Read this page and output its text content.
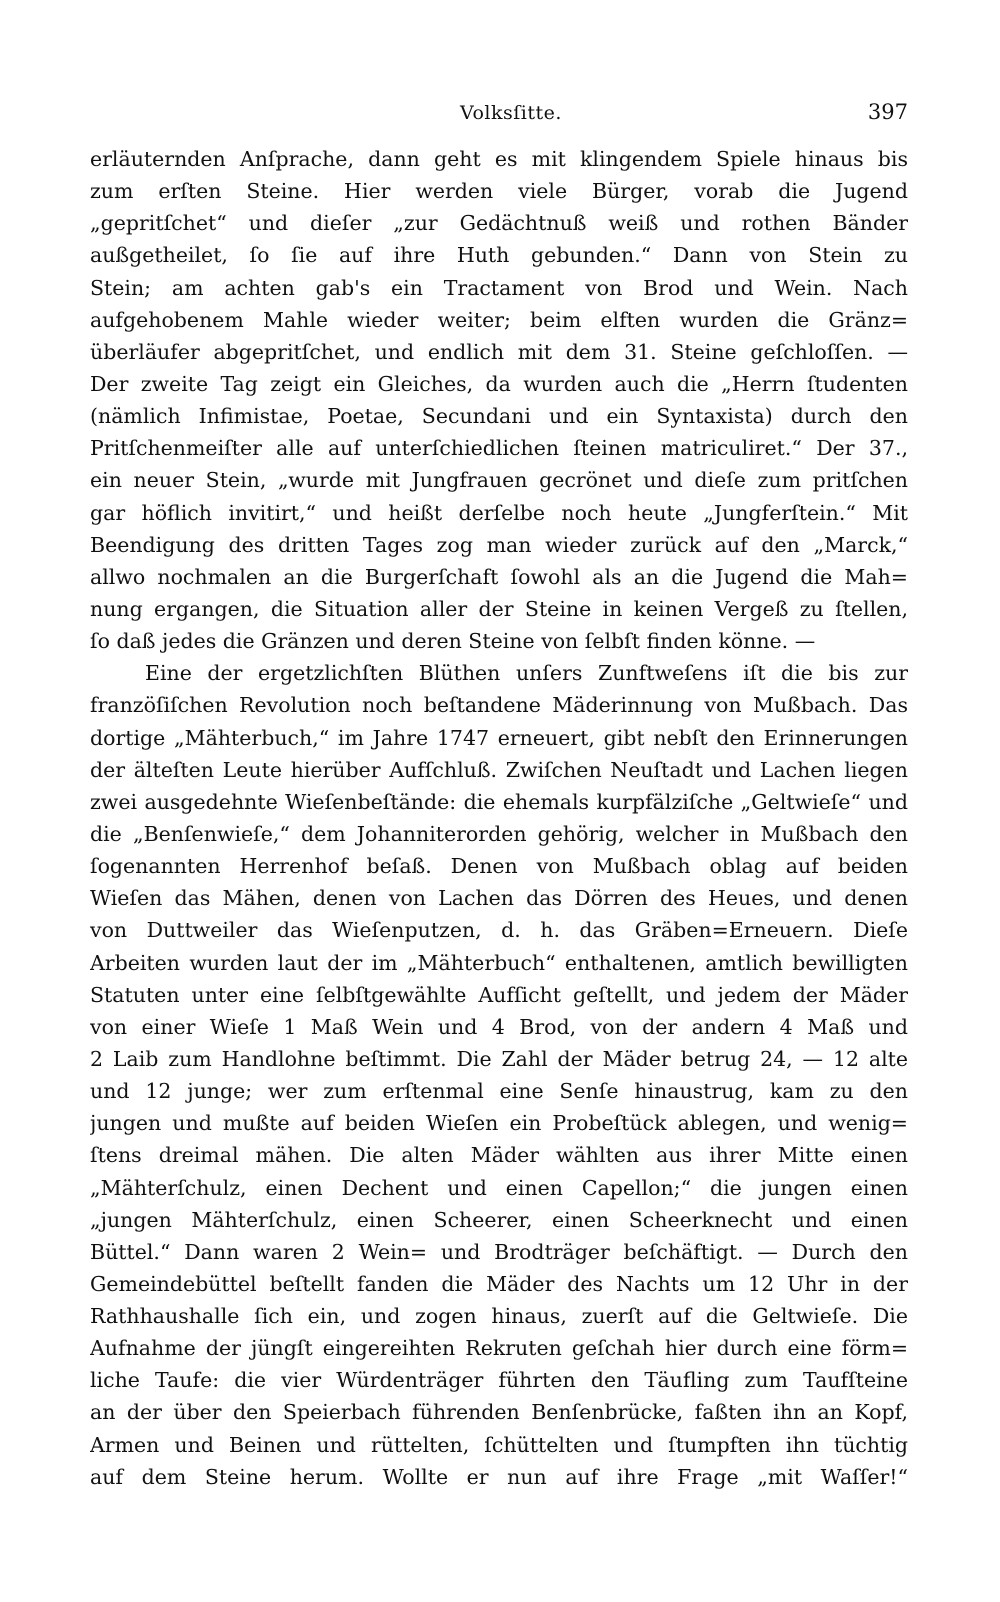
Volksſitte.	397
erläuternden Anſprache, dann geht es mit klingendem Spiele hinaus bis
zum erſten Steine. Hier werden viele Bürger, vorab die Jugend
„gepritſchet“ und dieſer „zur Gedächtnuß weiß und rothen Bänder
außgetheilet, ſo ſie auf ihre Huth gebunden.“ Dann von Stein zu
Stein; am achten gab's ein Tractament von Brod und Wein. Nach
aufgehobenem Mahle wieder weiter; beim elften wurden die Gränz=
überläufer abgepritſchet, und endlich mit dem 31. Steine geſchloſſen. —
Der zweite Tag zeigt ein Gleiches, da wurden auch die „Herrn ſtudenten
(nämlich Infimistae, Poetae, Secundani und ein Syntaxista) durch den
Pritſchenmeiſter alle auf unterſchiedlichen ſteinen matriculiret.“ Der 37.,
ein neuer Stein, „wurde mit Jungfrauen gecrönet und dieſe zum pritſchen
gar höflich invitirt,“ und heißt derſelbe noch heute „Jungferſtein.“ Mit
Beendigung des dritten Tages zog man wieder zurück auf den „Marck,“
allwo nochmalen an die Burgerſchaft ſowohl als an die Jugend die Mah=
nung ergangen, die Situation aller der Steine in keinen Vergeß zu ſtellen,
ſo daß jedes die Gränzen und deren Steine von ſelbſt finden könne. —
Eine der ergetzlichſten Blüthen unſers Zunftweſens iſt die bis zur
franzöſiſchen Revolution noch beſtandene Mäderinnung von Mußbach. Das
dortige „Mähterbuch,“ im Jahre 1747 erneuert, gibt nebſt den Erinnerungen
der älteſten Leute hierüber Aufſchluß. Zwiſchen Neuſtadt und Lachen liegen
zwei ausgedehnte Wieſenbeſtände: die ehemals kurpfälziſche „Geltwieſe“ und
die „Benſenwieſe,“ dem Johanniterorden gehörig, welcher in Mußbach den
ſogenannten Herrenhof beſaß. Denen von Mußbach oblag auf beiden
Wieſen das Mähen, denen von Lachen das Dörren des Heues, und denen
von Duttweiler das Wieſenputzen, d. h. das Gräben=Erneuern. Dieſe
Arbeiten wurden laut der im „Mähterbuch“ enthaltenen, amtlich bewilligten
Statuten unter eine ſelbſtgewählte Aufſicht geſtellt, und jedem der Mäder
von einer Wieſe 1 Maß Wein und 4 Brod, von der andern 4 Maß und
2 Laib zum Handlohne beſtimmt. Die Zahl der Mäder betrug 24, — 12 alte
und 12 junge; wer zum erſtenmal eine Senſe hinaustrug, kam zu den
jungen und mußte auf beiden Wieſen ein Probeſtück ablegen, und wenig=
ſtens dreimal mähen. Die alten Mäder wählten aus ihrer Mitte einen
„Mähterſchulz, einen Dechent und einen Capellon;“ die jungen einen
„jungen Mähterſchulz, einen Scheerer, einen Scheerknecht und einen
Büttel.“ Dann waren 2 Wein= und Brodträger beſchäftigt. — Durch den
Gemeindebüttel beſtellt fanden die Mäder des Nachts um 12 Uhr in der
Rathhaushalle ſich ein, und zogen hinaus, zuerſt auf die Geltwieſe. Die
Aufnahme der jüngſt eingereihten Rekruten geſchah hier durch eine förm=
liche Taufe: die vier Würdenträger führten den Täufling zum Taufſteine
an der über den Speierbach führenden Benſenbrücke, faßten ihn an Kopf,
Armen und Beinen und rüttelten, ſchüttelten und ſtumpften ihn tüchtig
auf dem Steine herum. Wollte er nun auf ihre Frage „mit Waſſer!“
